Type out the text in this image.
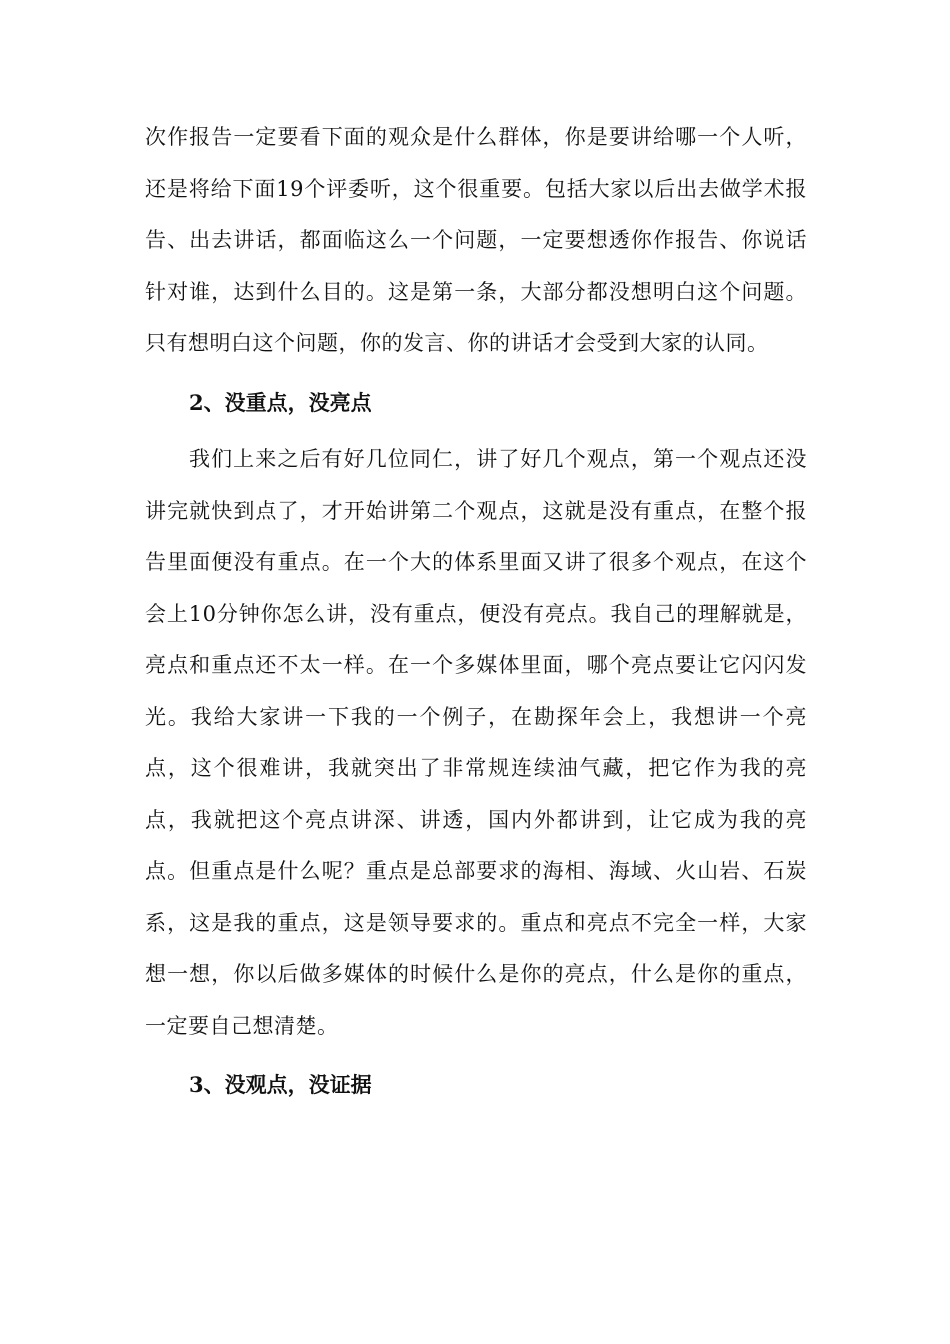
次作报告一定要看下面的观众是什么群体，你是要讲给哪一个人听，还是将给下面19个评委听，这个很重要。包括大家以后出去做学术报告、出去讲话，都面临这么一个问题，一定要想透你作报告、你说话针对谁，达到什么目的。这是第一条，大部分都没想明白这个问题。只有想明白这个问题，你的发言、你的讲话才会受到大家的认同。

2、没重点，没亮点

我们上来之后有好几位同仁，讲了好几个观点，第一个观点还没讲完就快到点了，才开始讲第二个观点，这就是没有重点，在整个报告里面便没有重点。在一个大的体系里面又讲了很多个观点，在这个会上10分钟你怎么讲，没有重点，便没有亮点。我自己的理解就是，亮点和重点还不太一样。在一个多媒体里面，哪个亮点要让它闪闪发光。我给大家讲一下我的一个例子，在勘探年会上，我想讲一个亮点，这个很难讲，我就突出了非常规连续油气藏，把它作为我的亮点，我就把这个亮点讲深、讲透，国内外都讲到，让它成为我的亮点。但重点是什么呢？重点是总部要求的海相、海域、火山岩、石炭系，这是我的重点，这是领导要求的。重点和亮点不完全一样，大家想一想，你以后做多媒体的时候什么是你的亮点，什么是你的重点，一定要自己想清楚。

3、没观点，没证据
